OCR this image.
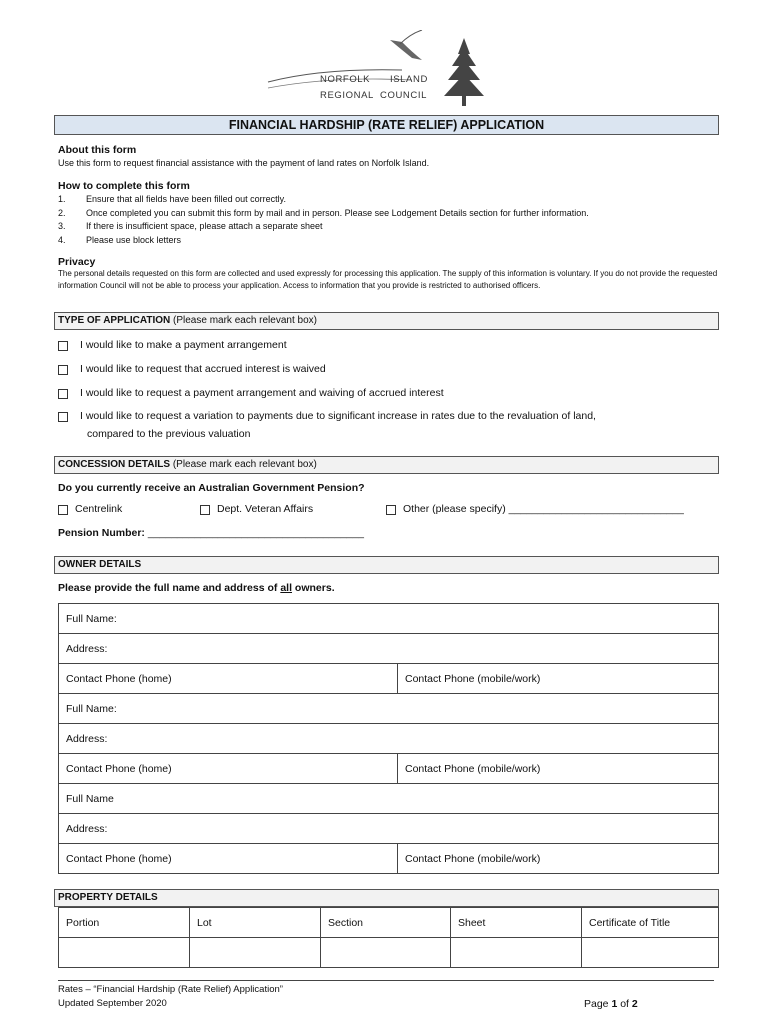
NORFOLK ISLAND
REGIONAL COUNCIL
FINANCIAL HARDSHIP (RATE RELIEF) APPLICATION
About this form
Use this form to request financial assistance with the payment of land rates on Norfolk Island.
How to complete this form
1.	Ensure that all fields have been filled out correctly.
2.	Once completed you can submit this form by mail and in person. Please see Lodgement Details section for further information.
3.	If there is insufficient space, please attach a separate sheet
4.	Please use block letters
Privacy
The personal details requested on this form are collected and used expressly for processing this application. The supply of this information is voluntary. If you do not provide the requested information Council will not be able to process your application. Access to information that you provide is restricted to authorised officers.
TYPE OF APPLICATION (Please mark each relevant box)
I would like to make a payment arrangement
I would like to request that accrued interest is waived
I would like to request a payment arrangement and waiving of accrued interest
I would like to request a variation to payments due to significant increase in rates due to the revaluation of land,
compared to the previous valuation
CONCESSION DETAILS (Please mark each relevant box)
Do you currently receive an Australian Government Pension?
Centrelink	Dept. Veteran Affairs	Other (please specify) ______________________________
Pension Number: _____________________________________
OWNER DETAILS
Please provide the full name and address of all owners.
Full Name:	
Address:	
Contact Phone (home)	Contact Phone (mobile/work)
Full Name:	
Address:	
Contact Phone (home)	Contact Phone (mobile/work)
Full Name	
Address:	
Contact Phone (home)	Contact Phone (mobile/work)
PROPERTY DETAILS
Portion	Lot	Section	Sheet	Certificate of Title

Rates – “Financial Hardship (Rate Relief) Application”
Updated September 2020	Page 1 of 2
